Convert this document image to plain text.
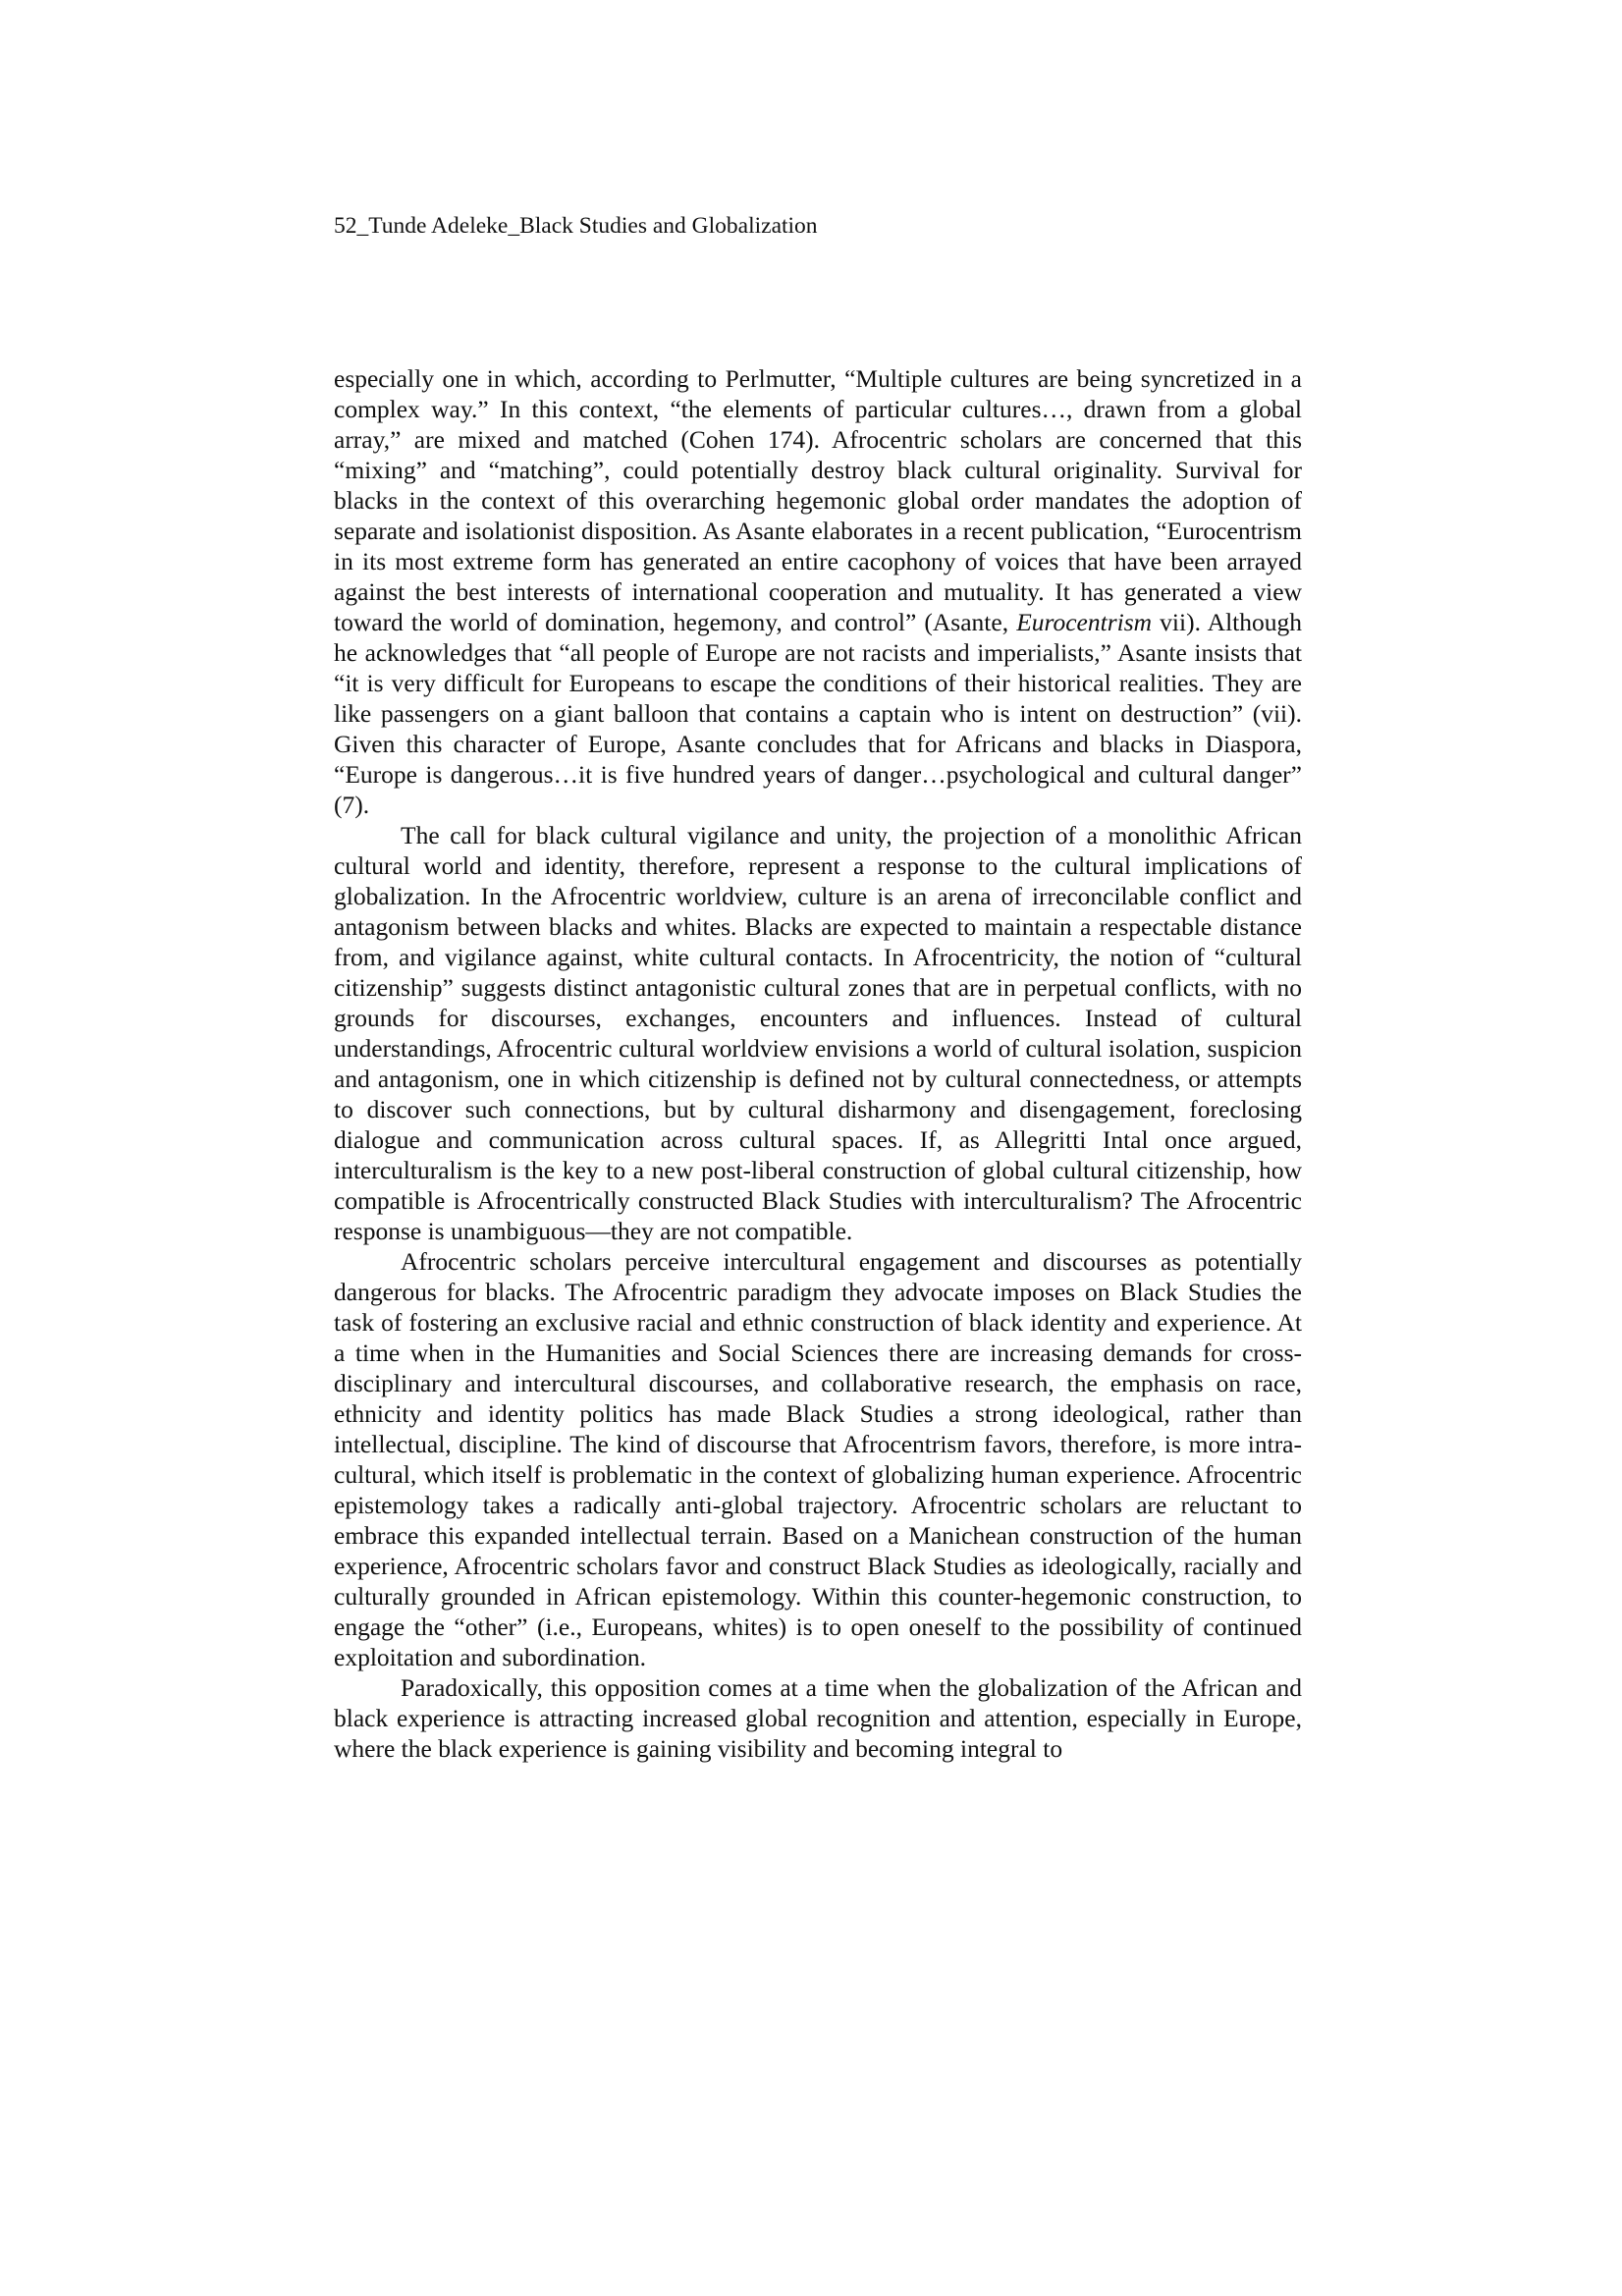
52_Tunde Adeleke_Black Studies and Globalization

especially one in which, according to Perlmutter, “Multiple cultures are being syncretized in a complex way.” In this context, “the elements of particular cultures…, drawn from a global array,” are mixed and matched (Cohen 174). Afrocentric scholars are concerned that this “mixing” and “matching”, could potentially destroy black cultural originality. Survival for blacks in the context of this overarching hegemonic global order mandates the adoption of separate and isolationist disposition. As Asante elaborates in a recent publication, “Eurocentrism in its most extreme form has generated an entire cacophony of voices that have been arrayed against the best interests of international cooperation and mutuality. It has generated a view toward the world of domination, hegemony, and control” (Asante, Eurocentrism vii). Although he acknowledges that “all people of Europe are not racists and imperialists,” Asante insists that “it is very difficult for Europeans to escape the conditions of their historical realities. They are like passengers on a giant balloon that contains a captain who is intent on destruction” (vii). Given this character of Europe, Asante concludes that for Africans and blacks in Diaspora, “Europe is dangerous…it is five hundred years of danger…psychological and cultural danger” (7).

The call for black cultural vigilance and unity, the projection of a monolithic African cultural world and identity, therefore, represent a response to the cultural implications of globalization. In the Afrocentric worldview, culture is an arena of irreconcilable conflict and antagonism between blacks and whites. Blacks are expected to maintain a respectable distance from, and vigilance against, white cultural contacts. In Afrocentricity, the notion of “cultural citizenship” suggests distinct antagonistic cultural zones that are in perpetual conflicts, with no grounds for discourses, exchanges, encounters and influences. Instead of cultural understandings, Afrocentric cultural worldview envisions a world of cultural isolation, suspicion and antagonism, one in which citizenship is defined not by cultural connectedness, or attempts to discover such connections, but by cultural disharmony and disengagement, foreclosing dialogue and communication across cultural spaces. If, as Allegritti Intal once argued, interculturalism is the key to a new post-liberal construction of global cultural citizenship, how compatible is Afrocentrically constructed Black Studies with interculturalism? The Afrocentric response is unambiguous—they are not compatible.

Afrocentric scholars perceive intercultural engagement and discourses as potentially dangerous for blacks. The Afrocentric paradigm they advocate imposes on Black Studies the task of fostering an exclusive racial and ethnic construction of black identity and experience. At a time when in the Humanities and Social Sciences there are increasing demands for cross-disciplinary and intercultural discourses, and collaborative research, the emphasis on race, ethnicity and identity politics has made Black Studies a strong ideological, rather than intellectual, discipline. The kind of discourse that Afrocentrism favors, therefore, is more intra-cultural, which itself is problematic in the context of globalizing human experience. Afrocentric epistemology takes a radically anti-global trajectory. Afrocentric scholars are reluctant to embrace this expanded intellectual terrain. Based on a Manichean construction of the human experience, Afrocentric scholars favor and construct Black Studies as ideologically, racially and culturally grounded in African epistemology. Within this counter-hegemonic construction, to engage the “other” (i.e., Europeans, whites) is to open oneself to the possibility of continued exploitation and subordination.

Paradoxically, this opposition comes at a time when the globalization of the African and black experience is attracting increased global recognition and attention, especially in Europe, where the black experience is gaining visibility and becoming integral to
